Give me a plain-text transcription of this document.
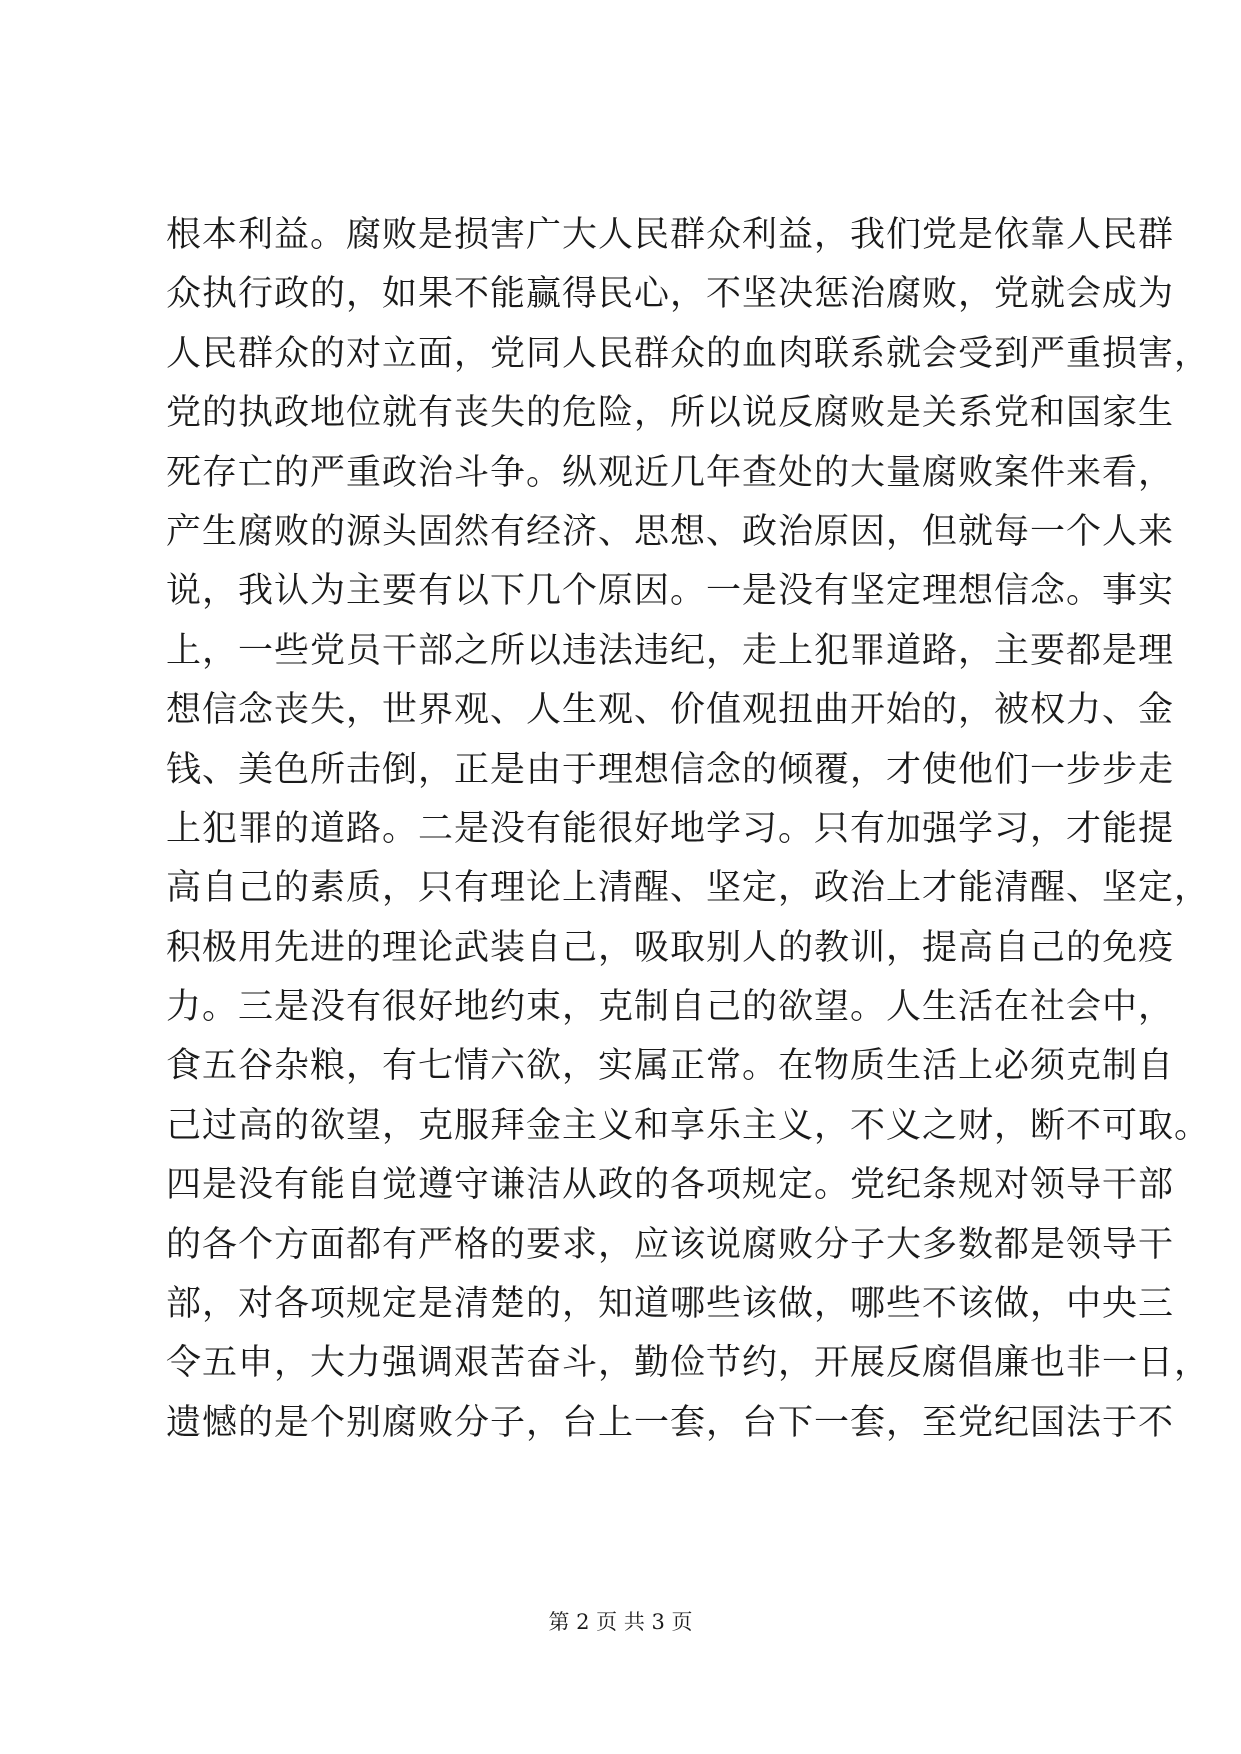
根本利益。腐败是损害广大人民群众利益，我们党是依靠人民群
众执行政的，如果不能赢得民心，不坚决惩治腐败，党就会成为
人民群众的对立面，党同人民群众的血肉联系就会受到严重损害，
党的执政地位就有丧失的危险，所以说反腐败是关系党和国家生
死存亡的严重政治斗争。纵观近几年查处的大量腐败案件来看，
产生腐败的源头固然有经济、思想、政治原因，但就每一个人来
说，我认为主要有以下几个原因。一是没有坚定理想信念。事实
上，一些党员干部之所以违法违纪，走上犯罪道路，主要都是理
想信念丧失，世界观、人生观、价值观扭曲开始的，被权力、金
钱、美色所击倒，正是由于理想信念的倾覆，才使他们一步步走
上犯罪的道路。二是没有能很好地学习。只有加强学习，才能提
高自己的素质，只有理论上清醒、坚定，政治上才能清醒、坚定，
积极用先进的理论武装自己，吸取别人的教训，提高自己的免疫
力。三是没有很好地约束，克制自己的欲望。人生活在社会中，
食五谷杂粮，有七情六欲，实属正常。在物质生活上必须克制自
己过高的欲望，克服拜金主义和享乐主义，不义之财，断不可取。
四是没有能自觉遵守谦洁从政的各项规定。党纪条规对领导干部
的各个方面都有严格的要求，应该说腐败分子大多数都是领导干
部，对各项规定是清楚的，知道哪些该做，哪些不该做，中央三
令五申，大力强调艰苦奋斗，勤俭节约，开展反腐倡廉也非一日，
遗憾的是个别腐败分子，台上一套，台下一套，至党纪国法于不
第 2 页 共 3 页
